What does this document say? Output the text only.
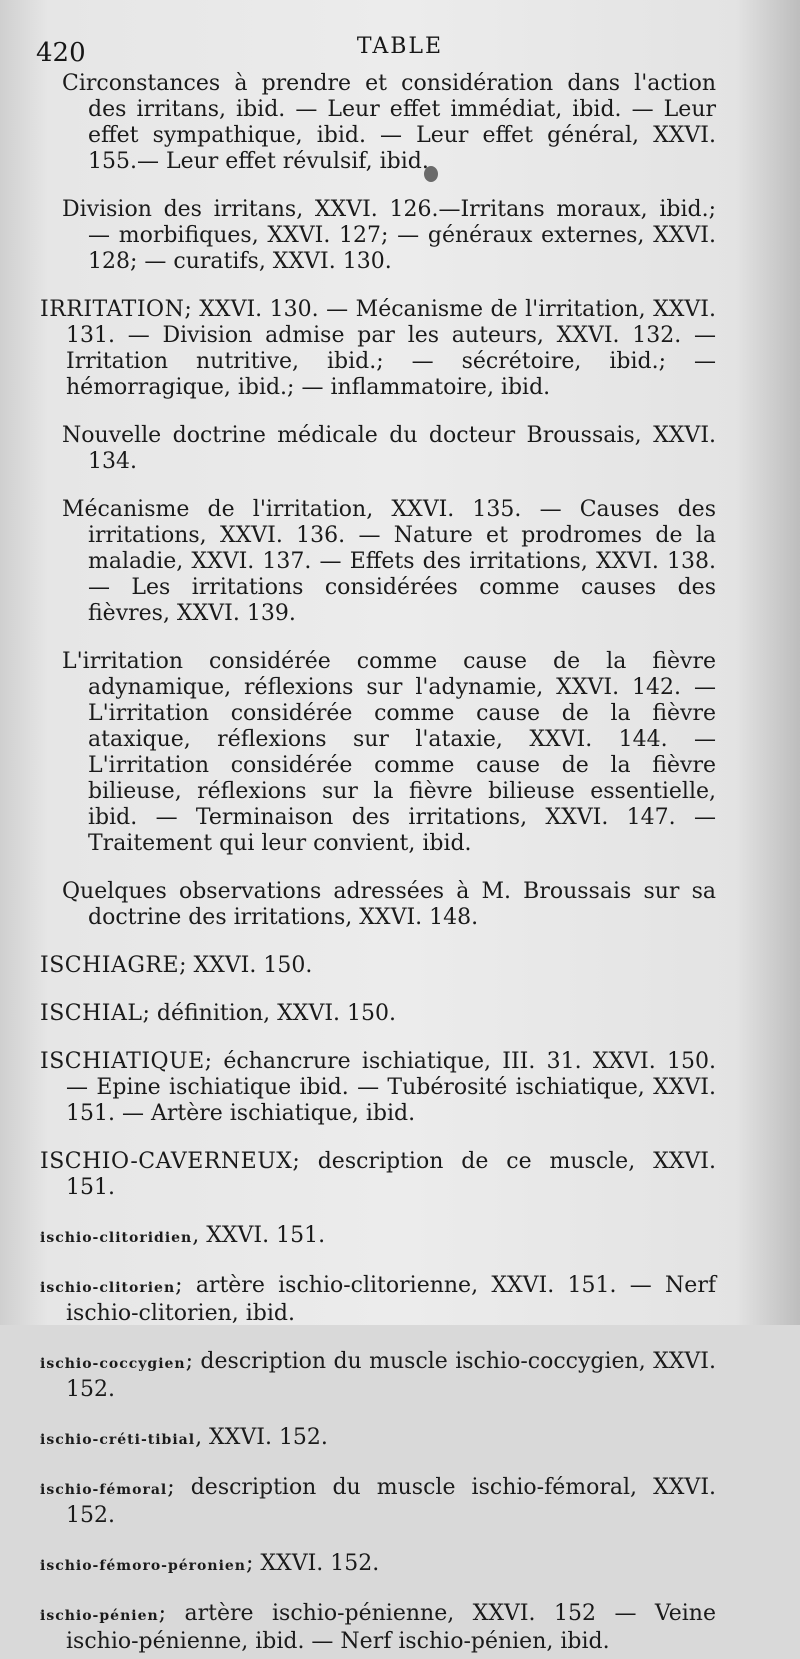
420	TABLE

Circonstances à prendre et considération dans l'action des irritans, ibid. — Leur effet immédiat, ibid. — Leur effet sympathique, ibid. — Leur effet général, XXVI. 155.— Leur effet révulsif, ibid.

Division des irritans, XXVI. 126.—Irritans moraux, ibid.; — morbifiques, XXVI. 127; — généraux externes, XXVI. 128; — curatifs, XXVI. 130.

IRRITATION; XXVI. 130. — Mécanisme de l'irritation, XXVI. 131. — Division admise par les auteurs, XXVI. 132. — Irritation nutritive, ibid.; — sécrétoire, ibid.; — hémorragique, ibid.; — inflammatoire, ibid.

Nouvelle doctrine médicale du docteur Broussais, XXVI. 134.

Mécanisme de l'irritation, XXVI. 135. — Causes des irritations, XXVI. 136. — Nature et prodromes de la maladie, XXVI. 137. — Effets des irritations, XXVI. 138. — Les irritations considérées comme causes des fièvres, XXVI. 139.

L'irritation considérée comme cause de la fièvre adynamique, réflexions sur l'adynamie, XXVI. 142. — L'irritation considérée comme cause de la fièvre ataxique, réflexions sur l'ataxie, XXVI. 144. — L'irritation considérée comme cause de la fièvre bilieuse, réflexions sur la fièvre bilieuse essentielle, ibid. — Terminaison des irritations, XXVI. 147. — Traitement qui leur convient, ibid.

Quelques observations adressées à M. Broussais sur sa doctrine des irritations, XXVI. 148.

ISCHIAGRE; XXVI. 150.

ISCHIAL; définition, XXVI. 150.

ISCHIATIQUE; échancrure ischiatique, III. 31. XXVI. 150. — Epine ischiatique ibid. — Tubérosité ischiatique, XXVI. 151. — Artère ischiatique, ibid.

ISCHIO-CAVERNEUX; description de ce muscle, XXVI. 151.

ischio-clitoridien, XXVI. 151.

ischio-clitorien; artère ischio-clitorienne, XXVI. 151. — Nerf ischio-clitorien, ibid.

ischio-coccygien; description du muscle ischio-coccygien, XXVI. 152.

ischio-créti-tibial, XXVI. 152.

ischio-fémoral; description du muscle ischio-fémoral, XXVI. 152.

ischio-fémoro-péronien; XXVI. 152.

ischio-pénien; artère ischio-pénienne, XXVI. 152 — Veine ischio-pénienne, ibid. — Nerf ischio-pénien, ibid.
